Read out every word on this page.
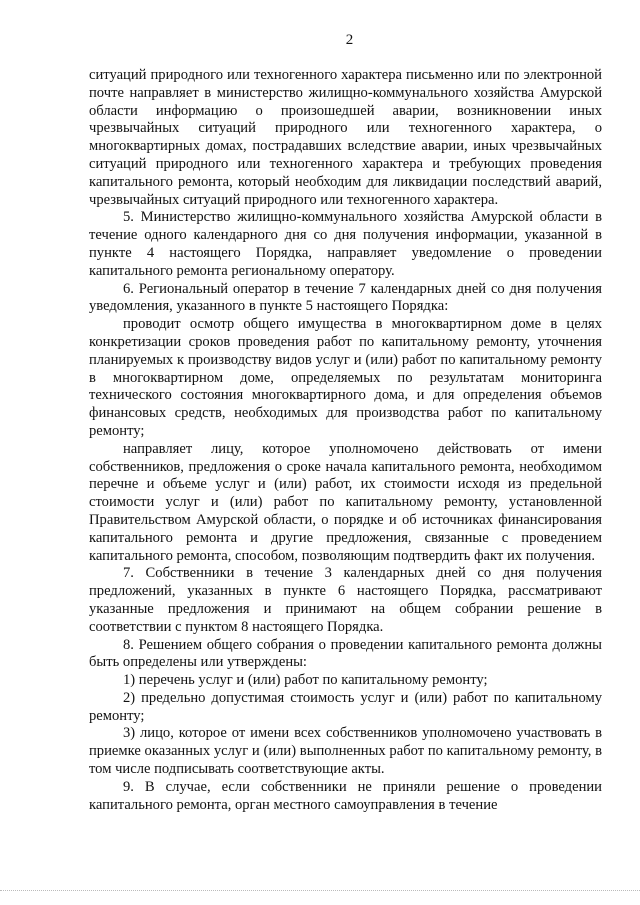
2

ситуаций природного или техногенного характера письменно или по электронной почте направляет в министерство жилищно-коммунального хозяйства Амурской области информацию о произошедшей аварии, возникновении иных чрезвычайных ситуаций природного или техногенного характера, о многоквартирных домах, пострадавших вследствие аварии, иных чрезвычайных ситуаций природного или техногенного характера и требующих проведения капитального ремонта, который необходим для ликвидации последствий аварий, чрезвычайных ситуаций природного или техногенного характера.

5. Министерство жилищно-коммунального хозяйства Амурской области в течение одного календарного дня со дня получения информации, указанной в пункте 4 настоящего Порядка, направляет уведомление о проведении капитального ремонта региональному оператору.

6. Региональный оператор в течение 7 календарных дней со дня получения уведомления, указанного в пункте 5 настоящего Порядка:

проводит осмотр общего имущества в многоквартирном доме в целях конкретизации сроков проведения работ по капитальному ремонту, уточнения планируемых к производству видов услуг и (или) работ по капитальному ремонту в многоквартирном доме, определяемых по результатам мониторинга технического состояния многоквартирного дома, и для определения объемов финансовых средств, необходимых для производства работ по капитальному ремонту;

направляет лицу, которое уполномочено действовать от имени собственников, предложения о сроке начала капитального ремонта, необходимом перечне и объеме услуг и (или) работ, их стоимости исходя из предельной стоимости услуг и (или) работ по капитальному ремонту, установленной Правительством Амурской области, о порядке и об источниках финансирования капитального ремонта и другие предложения, связанные с проведением капитального ремонта, способом, позволяющим подтвердить факт их получения.

7. Собственники в течение 3 календарных дней со дня получения предложений, указанных в пункте 6 настоящего Порядка, рассматривают указанные предложения и принимают на общем собрании решение в соответствии с пунктом 8 настоящего Порядка.

8. Решением общего собрания о проведении капитального ремонта должны быть определены или утверждены:

1) перечень услуг и (или) работ по капитальному ремонту;

2) предельно допустимая стоимость услуг и (или) работ по капитальному ремонту;

3) лицо, которое от имени всех собственников уполномочено участвовать в приемке оказанных услуг и (или) выполненных работ по капитальному ремонту, в том числе подписывать соответствующие акты.

9. В случае, если собственники не приняли решение о проведении капитального ремонта, орган местного самоуправления в течение
